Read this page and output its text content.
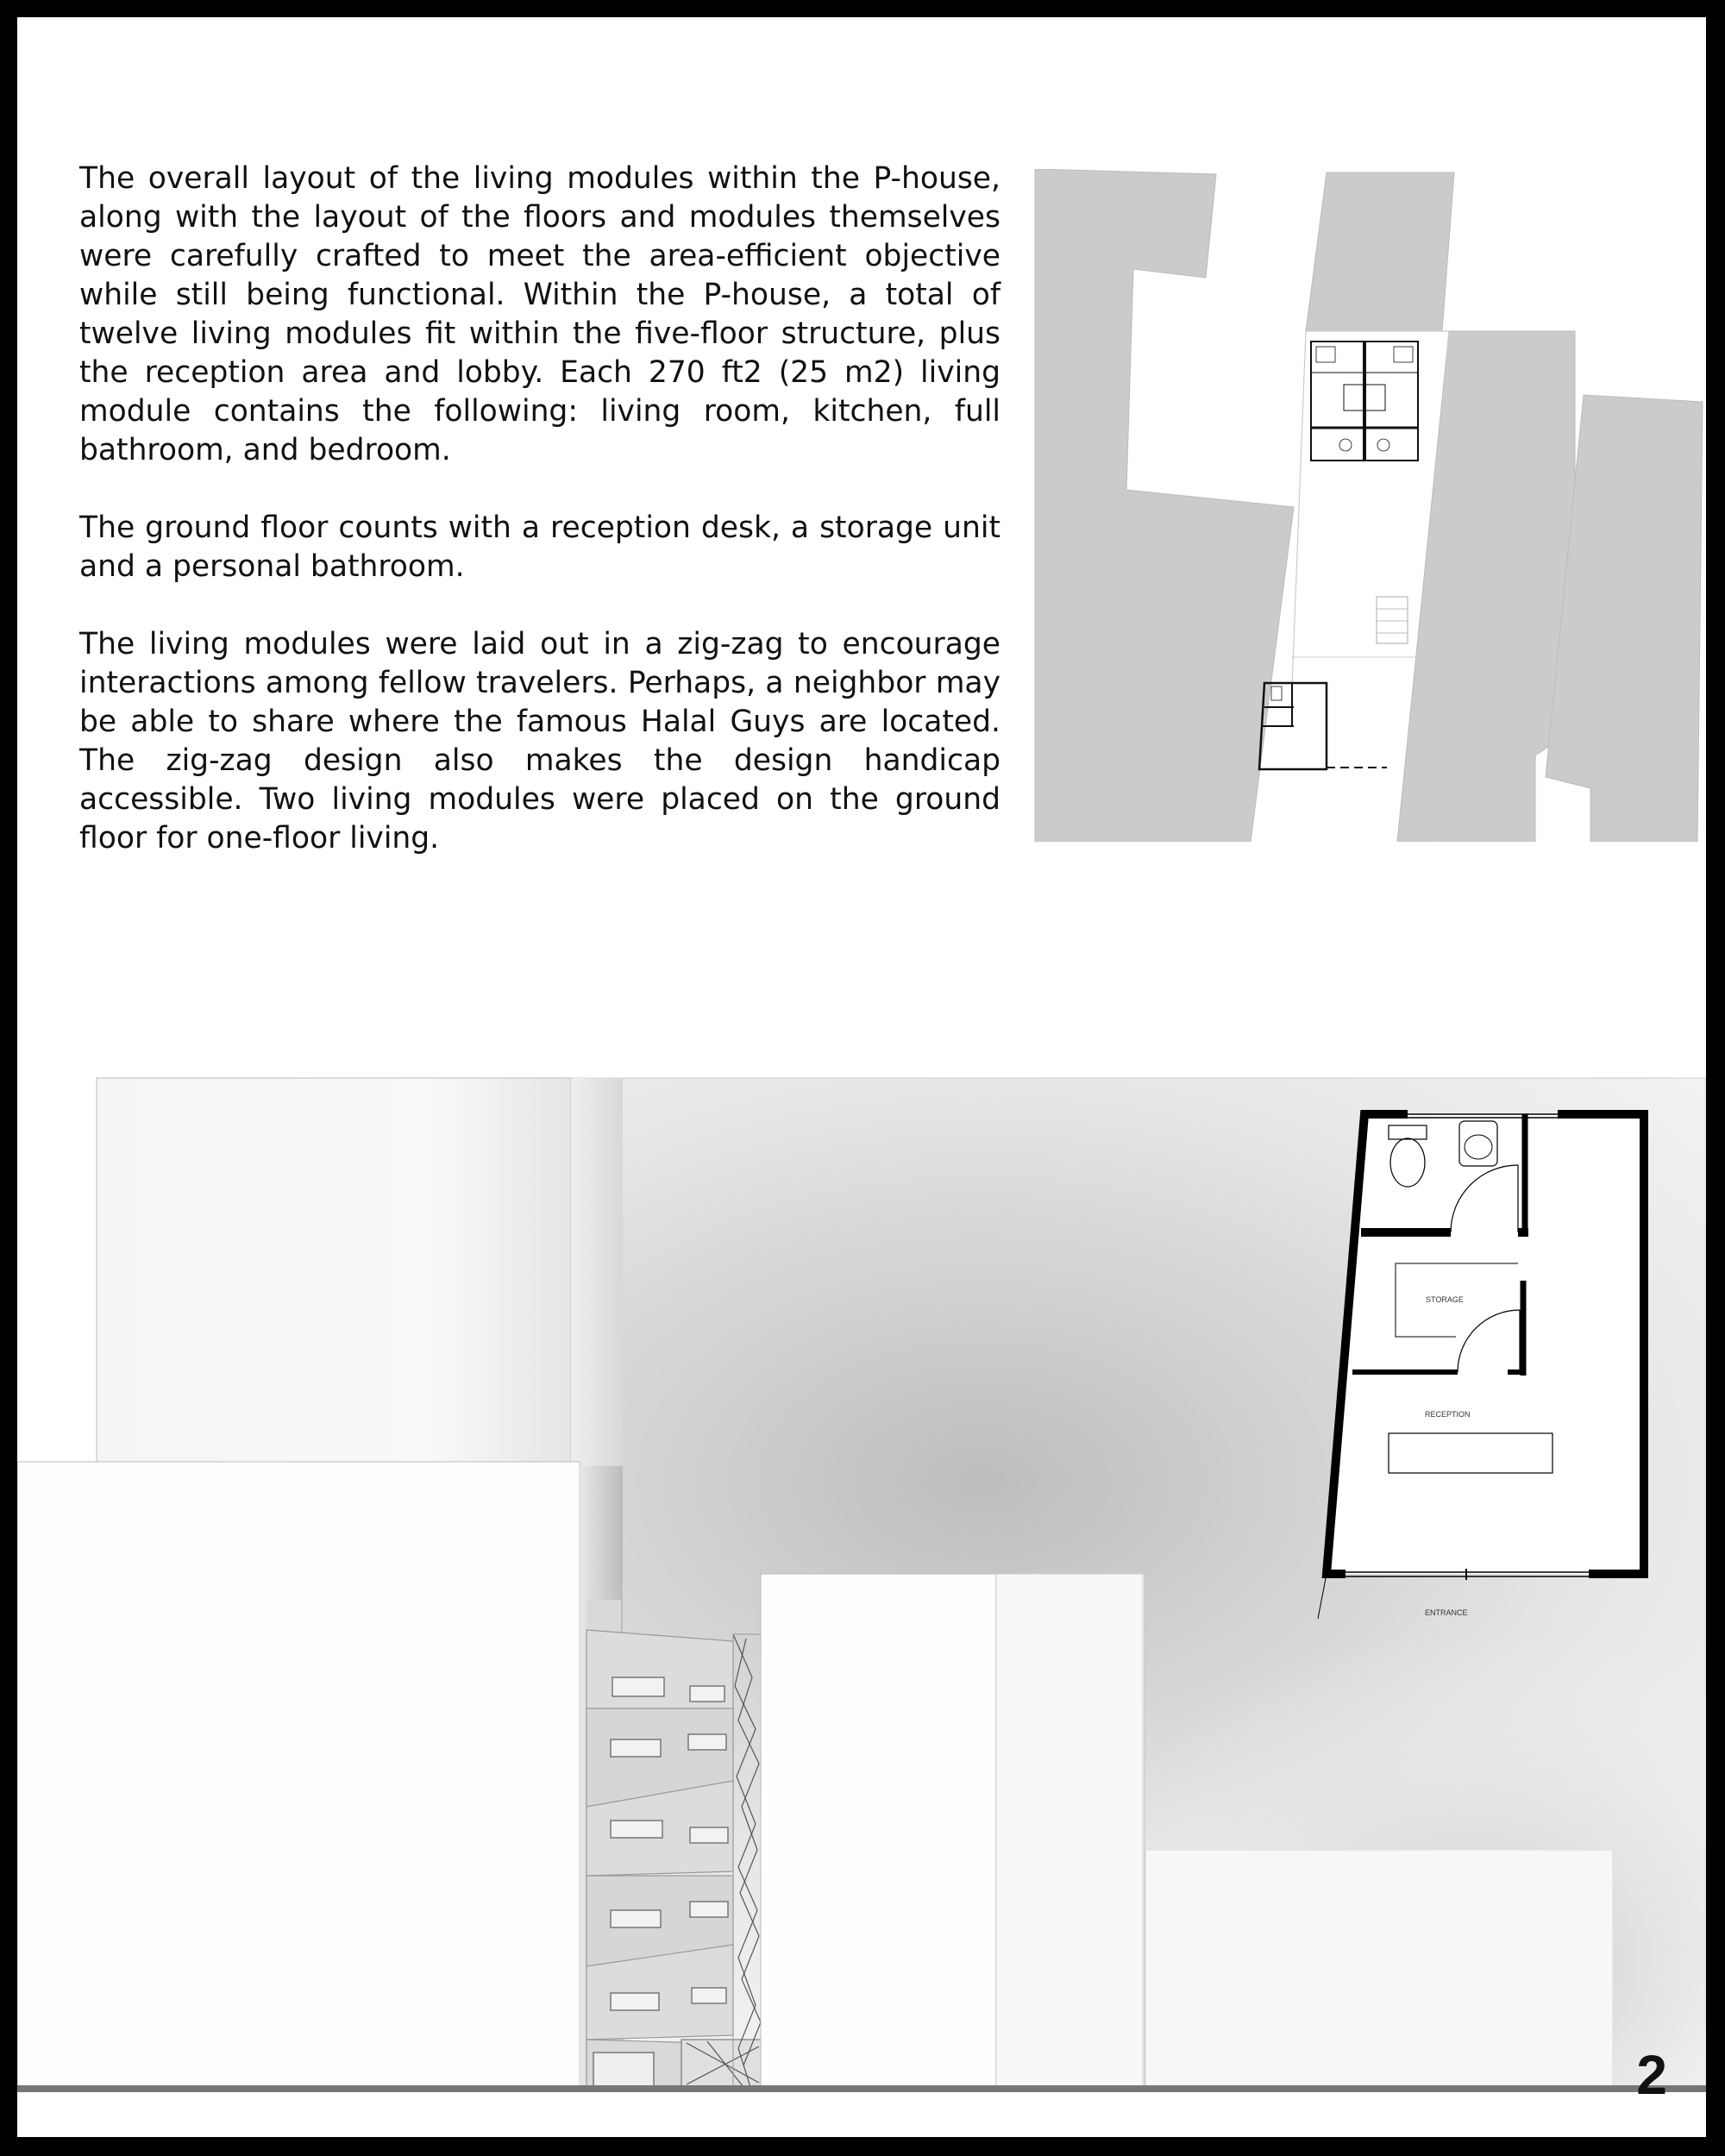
The overall layout of the living modules within the P-house, along with the layout of the floors and modules themselves were carefully crafted to meet the area-efficient objective while still being functional. Within the P-house, a total of twelve living modules fit within the five-floor structure, plus the reception area and lobby. Each 270 ft2 (25 m2) living module contains the following: living room, kitchen, full bathroom, and bedroom.

The ground floor counts with a reception desk, a storage unit and a personal bathroom.

The living modules were laid out in a zig-zag to encourage interactions among fellow travelers. Perhaps, a neighbor may be able to share where the famous Halal Guys are located. The zig-zag design also makes the design handicap accessible. Two living modules were placed on the ground floor for one-floor living.

STORAGE
RECEPTION
ENTRANCE
2
